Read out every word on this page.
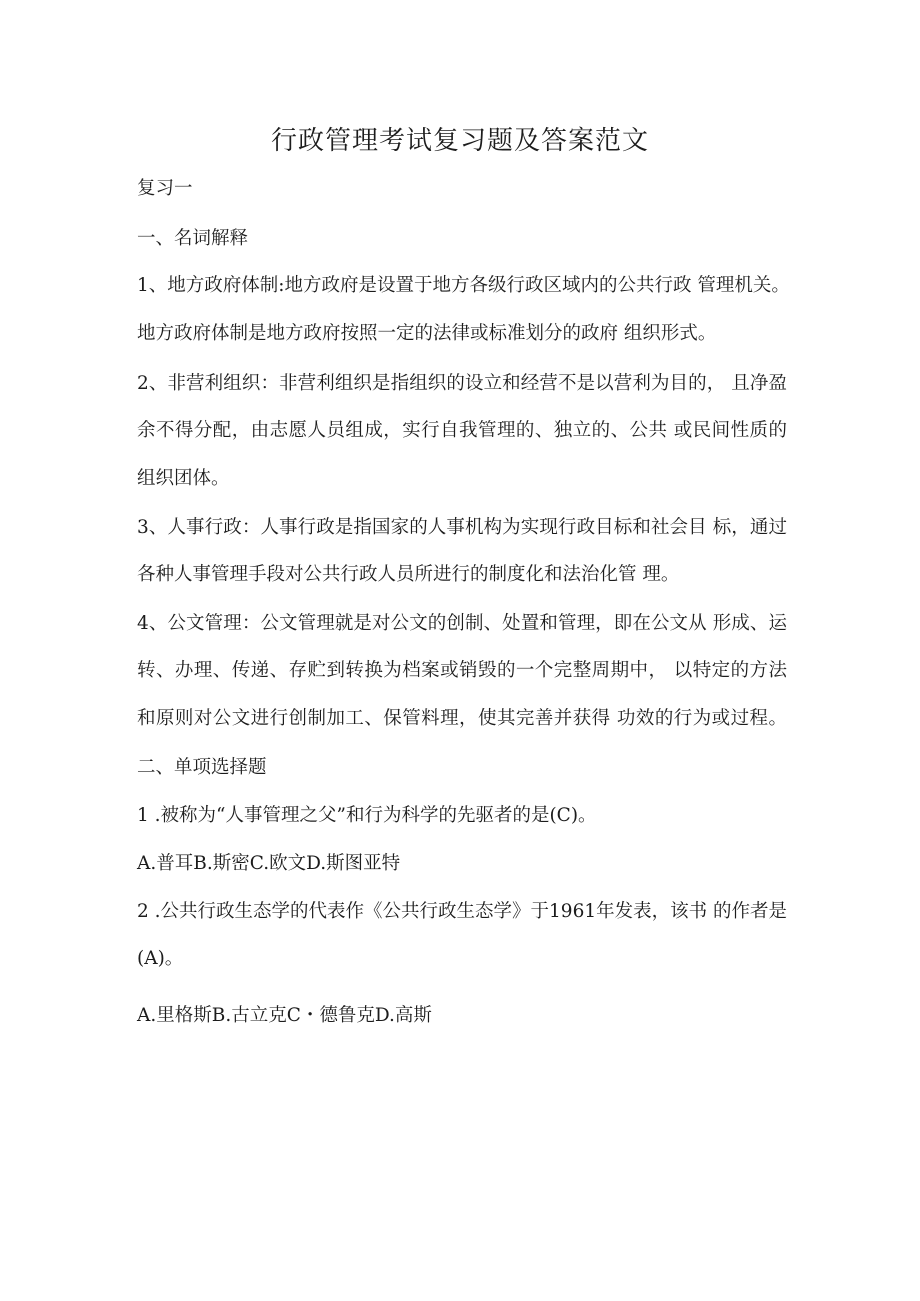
行政管理考试复习题及答案范文
复习一
一、名词解释
1、地方政府体制:地方政府是设置于地方各级行政区域内的公共行政 管理机关。
地方政府体制是地方政府按照一定的法律或标准划分的政府 组织形式。
2、非营利组织：非营利组织是指组织的设立和经营不是以营利为目的， 且净盈
余不得分配，由志愿人员组成，实行自我管理的、独立的、公共 或民间性质的
组织团体。
3、人事行政：人事行政是指国家的人事机构为实现行政目标和社会目 标，通过
各种人事管理手段对公共行政人员所进行的制度化和法治化管 理。
4、公文管理：公文管理就是对公文的创制、处置和管理，即在公文从 形成、运
转、办理、传递、存贮到转换为档案或销毁的一个完整周期中， 以特定的方法
和原则对公文进行创制加工、保管料理，使其完善并获得 功效的行为或过程。
二、单项选择题
1 .被称为“人事管理之父”和行为科学的先驱者的是(C)。
A.普耳B.斯密C.欧文D.斯图亚特
2 .公共行政生态学的代表作《公共行政生态学》于1961年发表，该书 的作者是
(A)。
A.里格斯B.古立克C・德鲁克D.高斯
